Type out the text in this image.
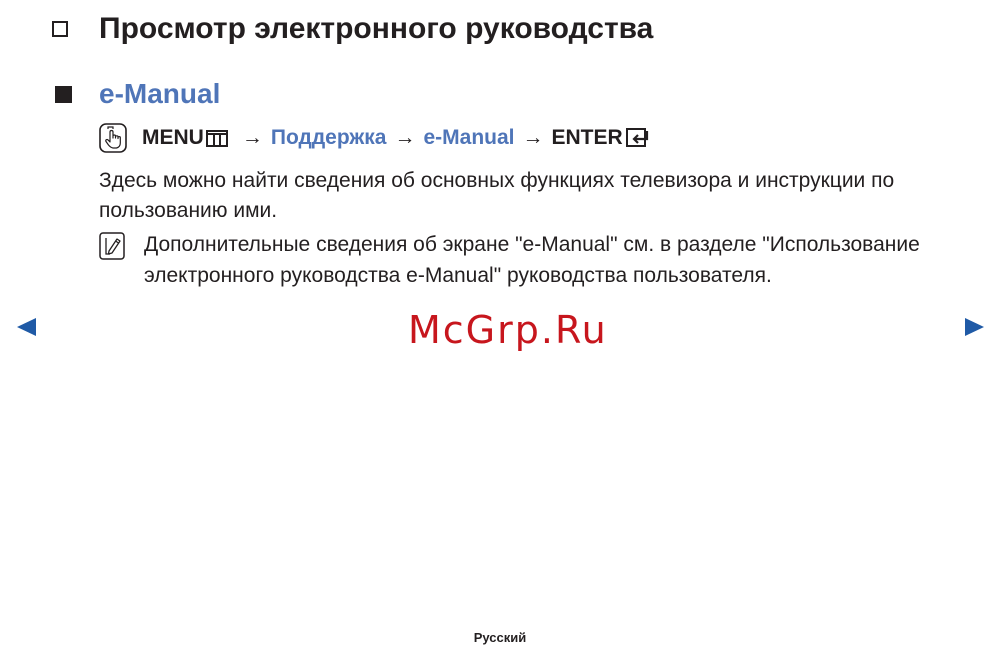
Просмотр электронного руководства
e-Manual
MENU → Поддержка → e-Manual → ENTER

Здесь можно найти сведения об основных функциях телевизора и инструкции по пользованию ими.

Дополнительные сведения об экране "e-Manual" см. в разделе "Использование электронного руководства e-Manual" руководства пользователя.

McGrp.Ru
Русский
